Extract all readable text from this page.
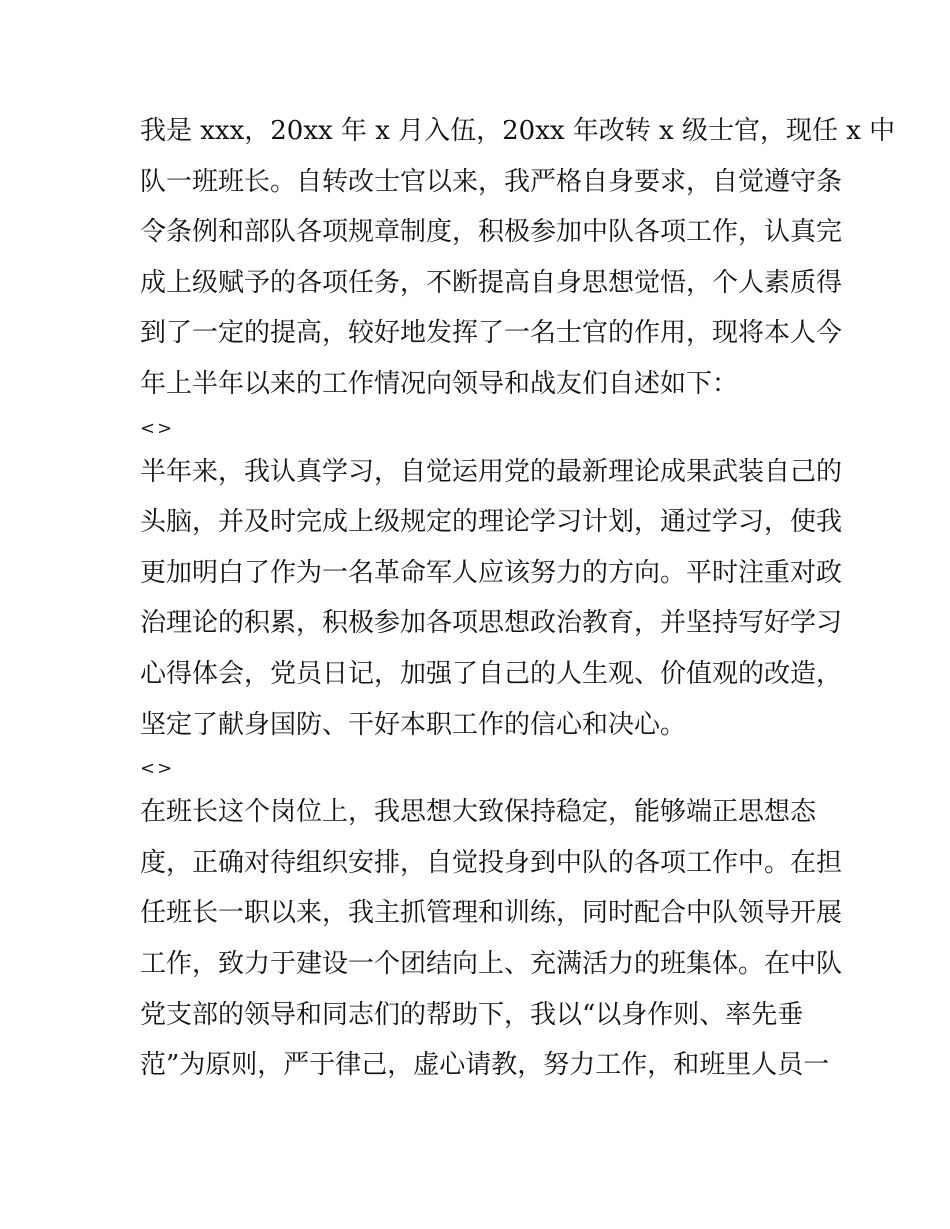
我是 xxx，20xx 年 x 月入伍，20xx 年改转 x 级士官，现任 x 中
队一班班长。自转改士官以来，我严格自身要求，自觉遵守条
令条例和部队各项规章制度，积极参加中队各项工作，认真完
成上级赋予的各项任务，不断提高自身思想觉悟，个人素质得
到了一定的提高，较好地发挥了一名士官的作用，现将本人今
年上半年以来的工作情况向领导和战友们自述如下：
<>
半年来，我认真学习，自觉运用党的最新理论成果武装自己的
头脑，并及时完成上级规定的理论学习计划，通过学习，使我
更加明白了作为一名革命军人应该努力的方向。平时注重对政
治理论的积累，积极参加各项思想政治教育，并坚持写好学习
心得体会，党员日记，加强了自己的人生观、价值观的改造，
坚定了献身国防、干好本职工作的信心和决心。
<>
在班长这个岗位上，我思想大致保持稳定，能够端正思想态
度，正确对待组织安排，自觉投身到中队的各项工作中。在担
任班长一职以来，我主抓管理和训练，同时配合中队领导开展
工作，致力于建设一个团结向上、充满活力的班集体。在中队
党支部的领导和同志们的帮助下，我以“以身作则、率先垂
范”为原则，严于律己，虚心请教，努力工作，和班里人员一
